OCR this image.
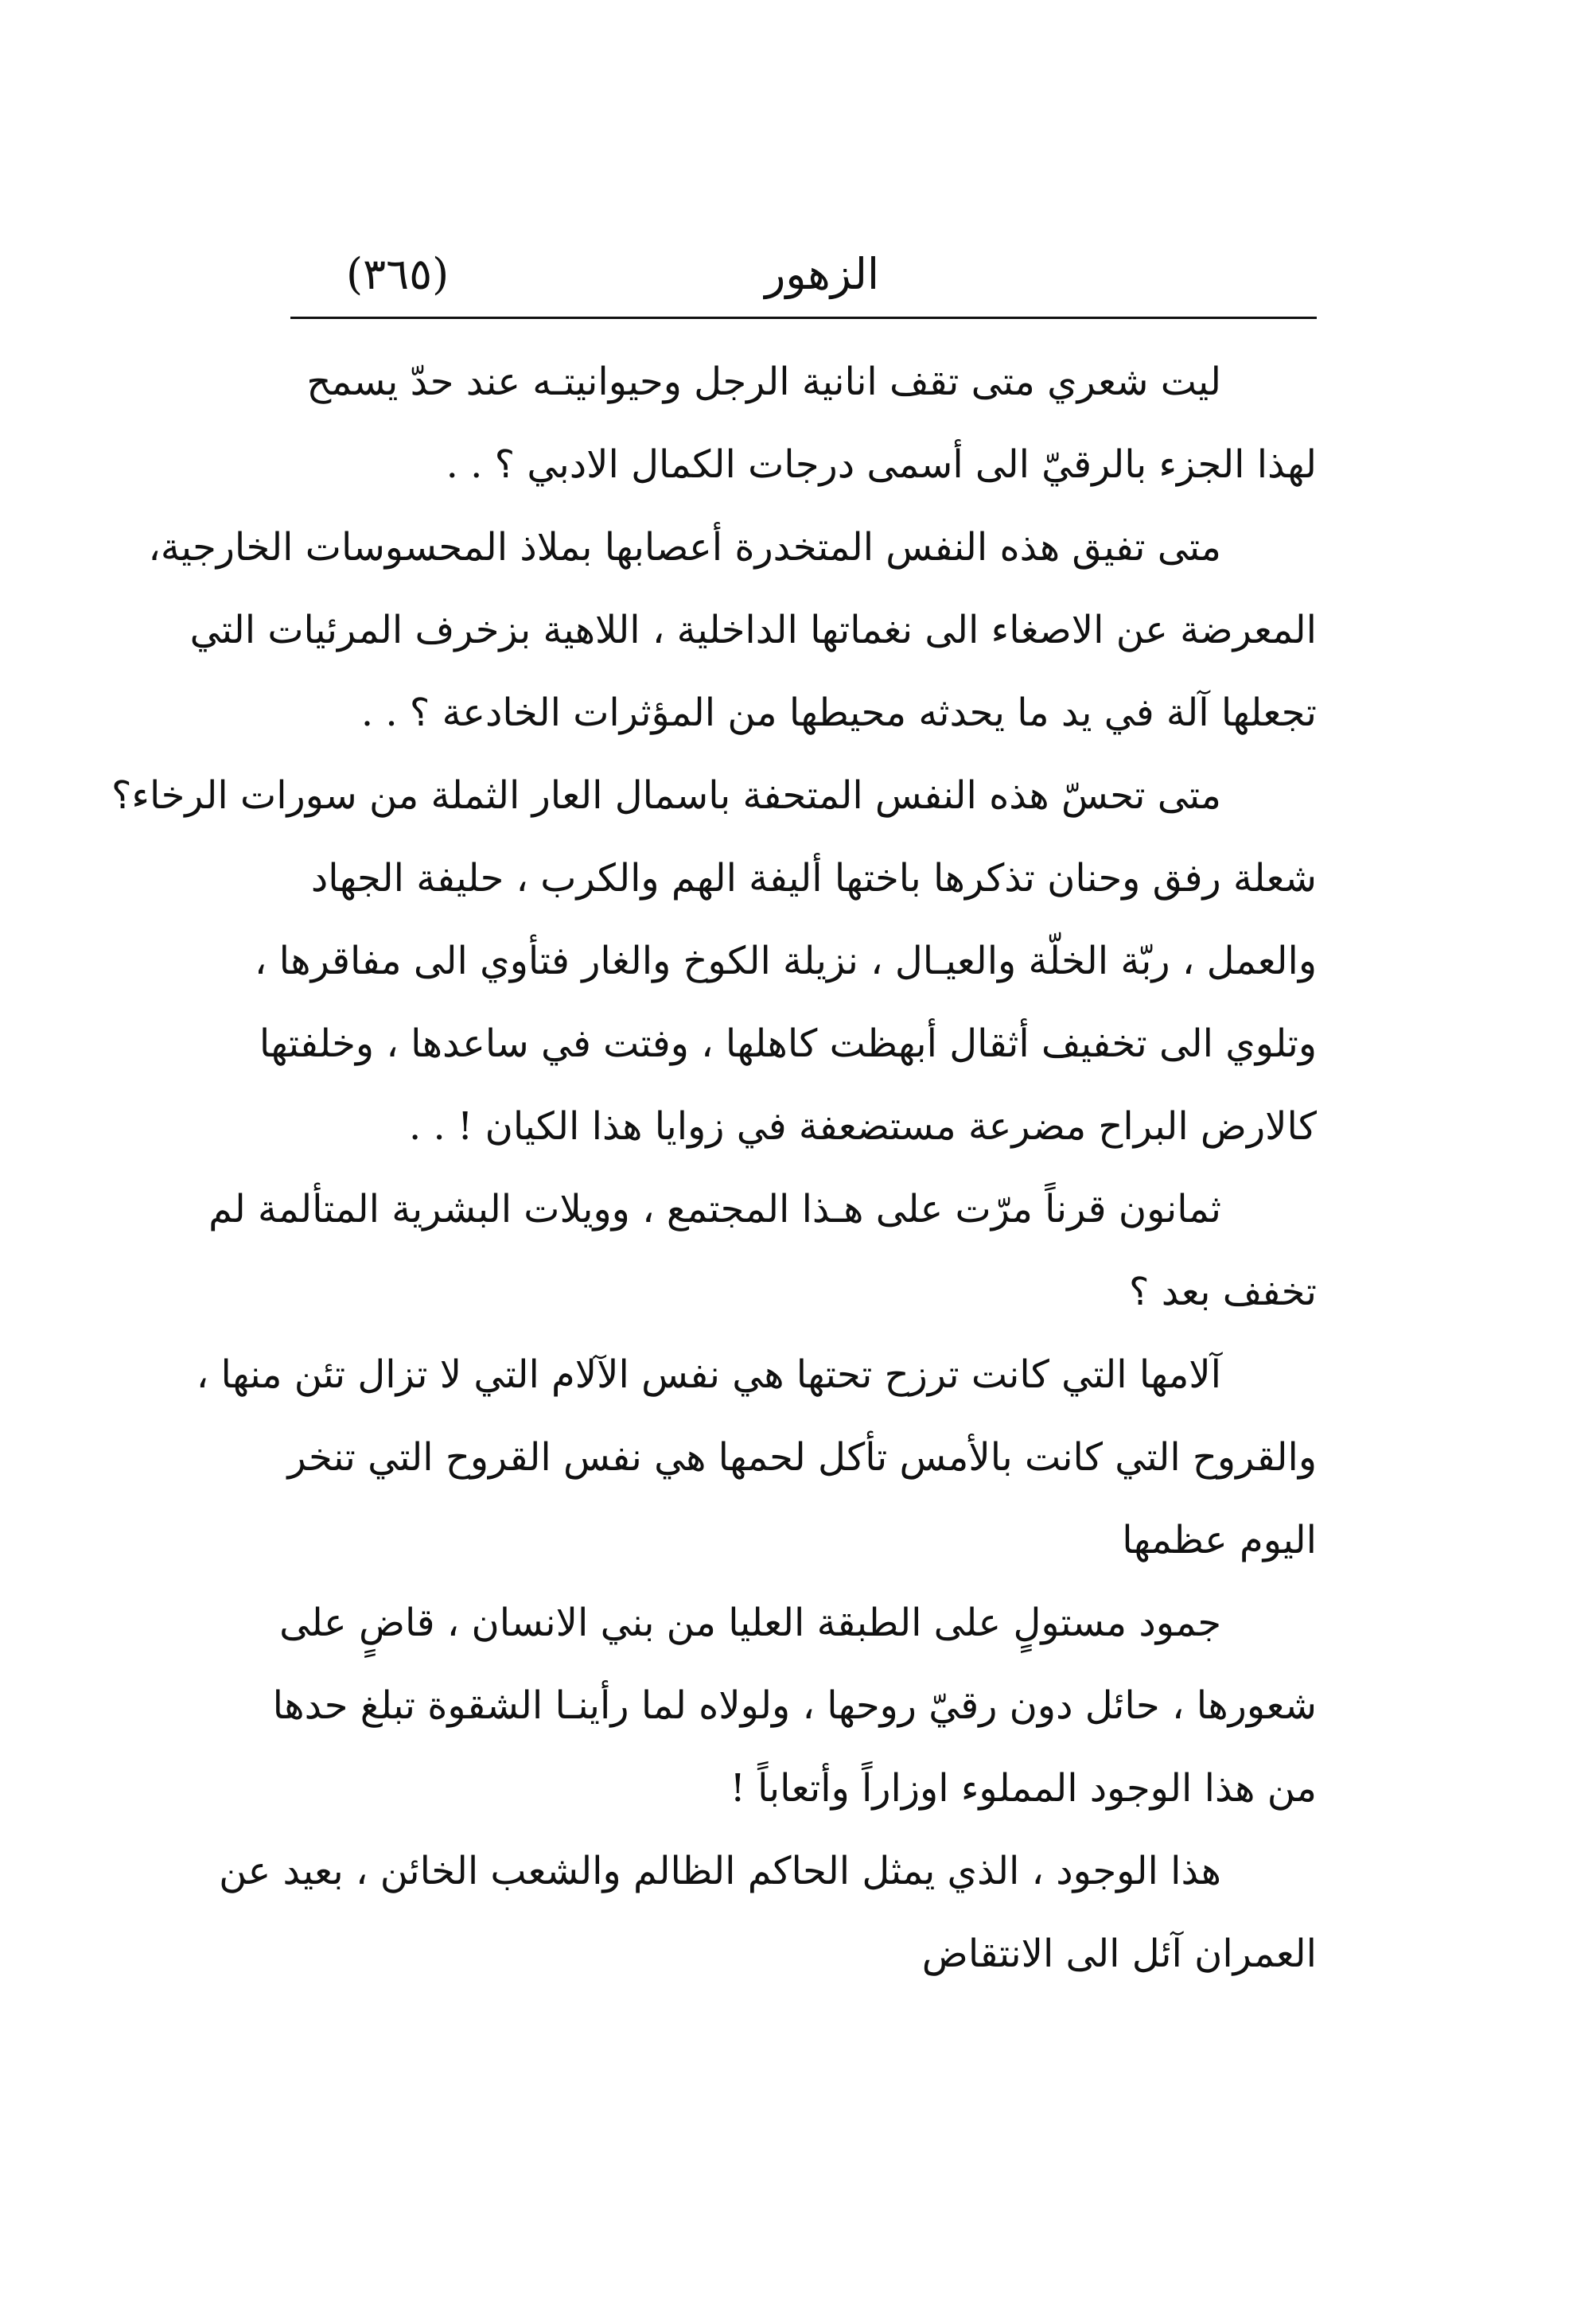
الزهور
(٣٦٥)
ليت شعري متى تقف انانية الرجل وحيوانيتـه عند حدّ يسمح
لهذا الجزء بالرقيّ الى أسمى درجات الكمال الادبي ؟ . .
متى تفيق هذه النفس المتخدرة أعصابها بملاذ المحسوسات الخارجية،
المعرضة عن الاصغاء الى نغماتها الداخلية ، اللاهية بزخرف المرئيات التي
تجعلها آلة في يد ما يحدثه محيطها من المؤثرات الخادعة ؟ . .
متى تحسّ هذه النفس المتحفة باسمال العار الثملة من سورات الرخاء؟
شعلة رفق وحنان تذكرها باختها أليفة الهم والكرب ، حليفة الجهاد
والعمل ، ربّة الخلّة والعيـال ، نزيلة الكوخ والغار فتأوي الى مفاقرها ،
وتلوي الى تخفيف أثقال أبهظت كاهلها ، وفتت في ساعدها ، وخلفتها
كالارض البراح مضرعة مستضعفة في زوايا هذا الكيان ! . .
ثمانون قرناً مرّت على هـذا المجتمع ، وويلات البشرية المتألمة لم
تخفف بعد ؟
آلامها التي كانت ترزح تحتها هي نفس الآلام التي لا تزال تئن منها ،
والقروح التي كانت بالأمس تأكل لحمها هي نفس القروح التي تنخر
اليوم عظمها
جمود مستولٍ على الطبقة العليا من بني الانسان ، قاضٍ على
شعورها ، حائل دون رقيّ روحها ، ولولاه لما رأينـا الشقوة تبلغ حدها
من هذا الوجود المملوء اوزاراً وأتعاباً !
هذا الوجود ، الذي يمثل الحاكم الظالم والشعب الخائن ، بعيد عن
العمران آئل الى الانتقاض
